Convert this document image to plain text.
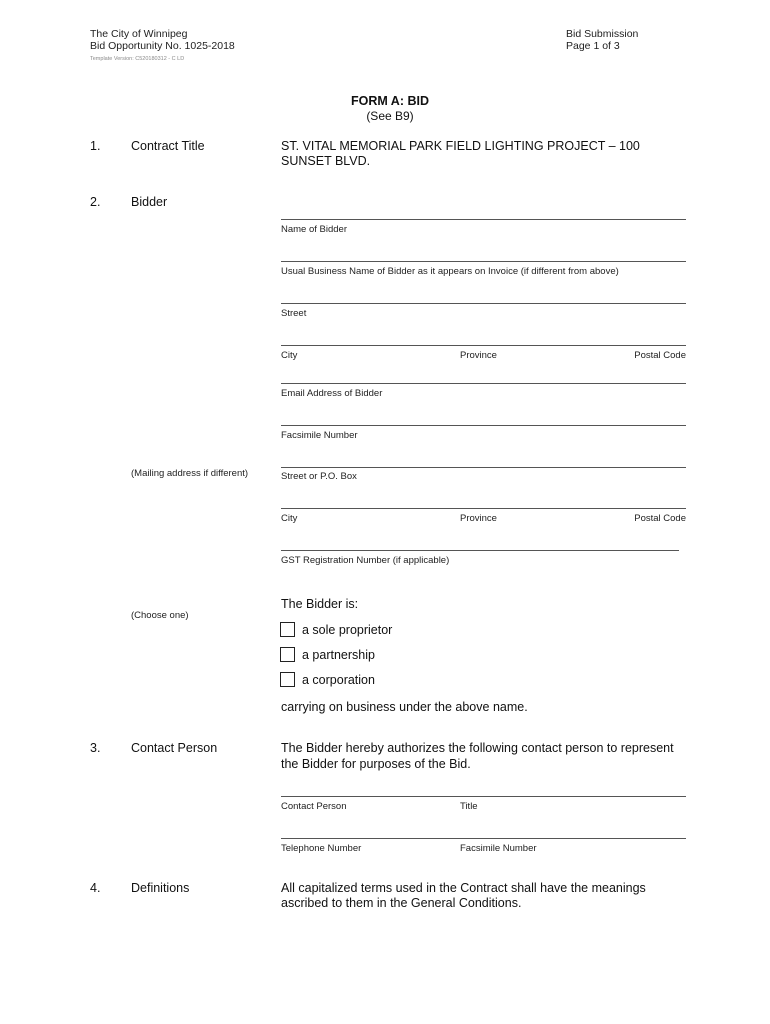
The City of Winnipeg
Bid Opportunity No. 1025-2018
Template Version: C520180312 - C LD
Bid Submission
Page 1 of 3
FORM A: BID
(See B9)
1. Contract Title	ST. VITAL MEMORIAL PARK FIELD LIGHTING PROJECT – 100
SUNSET BLVD.
2. Bidder
Name of Bidder
Usual Business Name of Bidder as it appears on Invoice (if different from above)
Street
City	Province	Postal Code
Email Address of Bidder
Facsimile Number
(Mailing address if different)	Street or P.O. Box
City	Province	Postal Code
GST Registration Number (if applicable)
The Bidder is:
(Choose one)
a sole proprietor
a partnership
a corporation
carrying on business under the above name.
3. Contact Person	The Bidder hereby authorizes the following contact person to represent
the Bidder for purposes of the Bid.
Contact Person	Title
Telephone Number	Facsimile Number
4. Definitions	All capitalized terms used in the Contract shall have the meanings
ascribed to them in the General Conditions.
